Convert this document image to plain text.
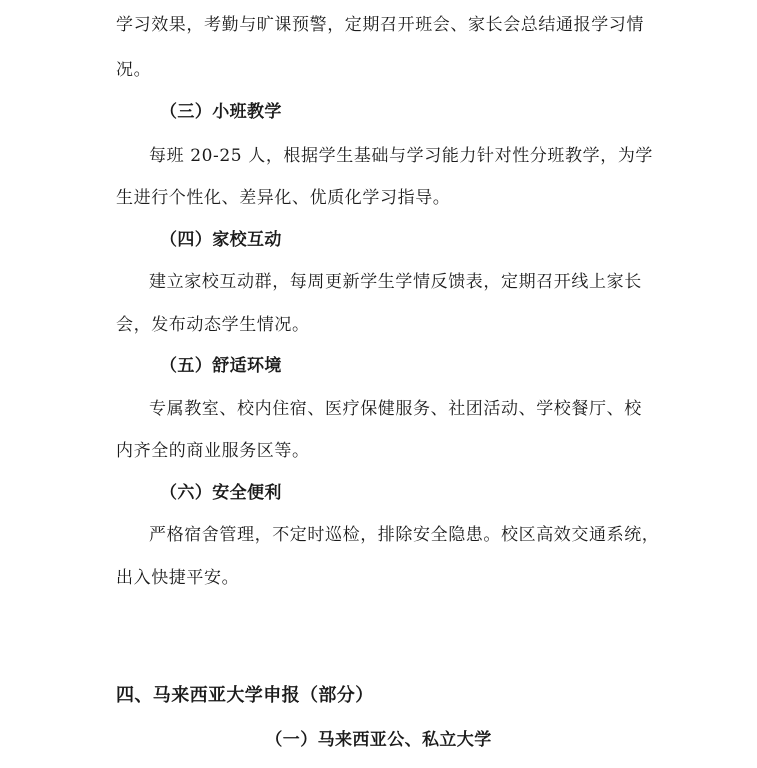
学习效果，考勤与旷课预警，定期召开班会、家长会总结通报学习情
况。
（三）小班教学
每班 20-25 人，根据学生基础与学习能力针对性分班教学，为学
生进行个性化、差异化、优质化学习指导。
（四）家校互动
建立家校互动群，每周更新学生学情反馈表，定期召开线上家长
会，发布动态学生情况。
（五）舒适环境
专属教室、校内住宿、医疗保健服务、社团活动、学校餐厅、校
内齐全的商业服务区等。
（六）安全便利
严格宿舍管理，不定时巡检，排除安全隐患。校区高效交通系统，
出入快捷平安。
四、马来西亚大学申报（部分）
（一）马来西亚公、私立大学
